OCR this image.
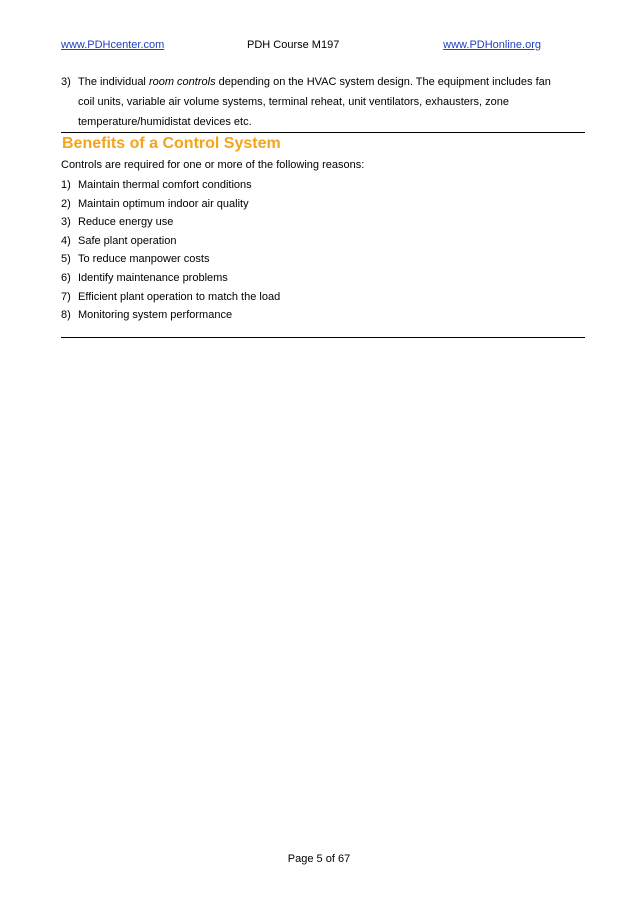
www.PDHcenter.com	PDH Course M197	www.PDHonline.org
3) The individual room controls depending on the HVAC system design. The equipment includes fan coil units, variable air volume systems, terminal reheat, unit ventilators, exhausters, zone temperature/humidistat devices etc.
Benefits of a Control System
Controls are required for one or more of the following reasons:
1) Maintain thermal comfort conditions
2) Maintain optimum indoor air quality
3) Reduce energy use
4) Safe plant operation
5) To reduce manpower costs
6) Identify maintenance problems
7) Efficient plant operation to match the load
8) Monitoring system performance
Page 5 of 67
